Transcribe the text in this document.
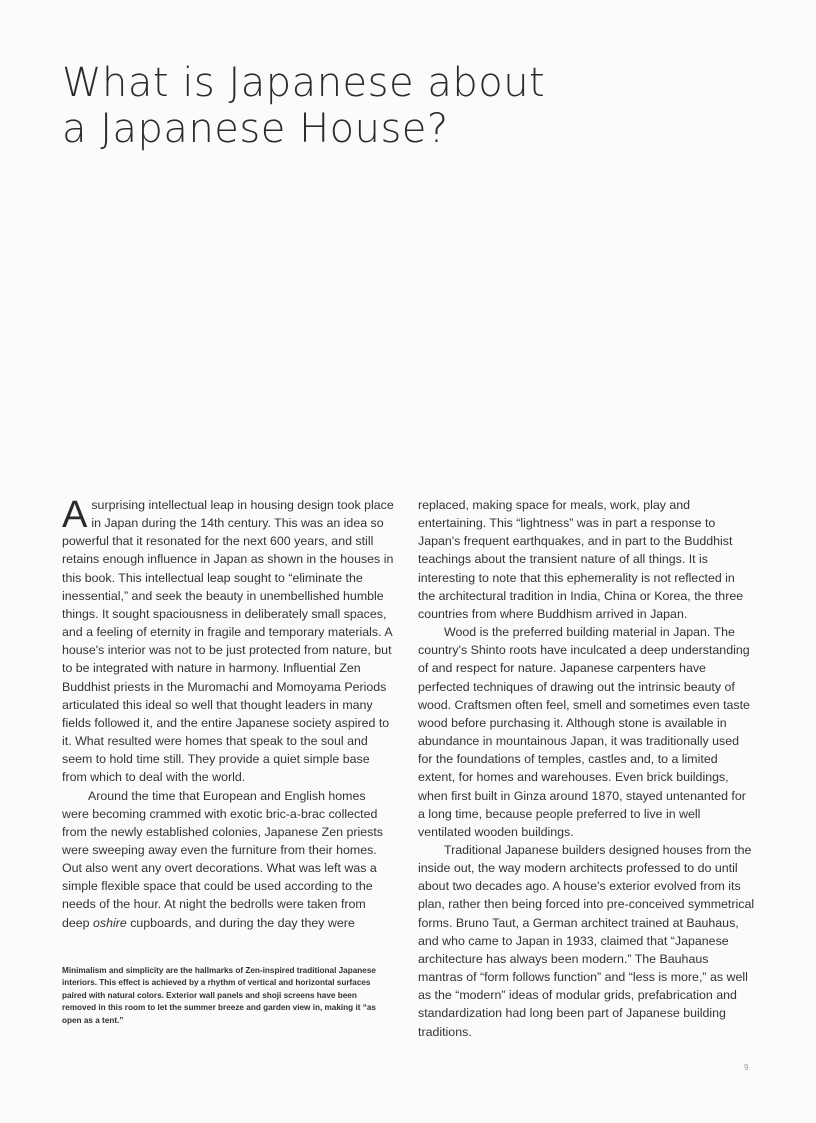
What is Japanese about
a Japanese House?

Asurprising intellectual leap in housing design took place in Japan during the 14th century. This was an idea so powerful that it resonated for the next 600 years, and still retains enough influence in Japan as shown in the houses in this book. This intellectual leap sought to “eliminate the inessential,” and seek the beauty in unembellished humble things. It sought spaciousness in deliberately small spaces, and a feeling of eternity in fragile and temporary materials. A house's interior was not to be just protected from nature, but to be integrated with nature in harmony. Influential Zen Buddhist priests in the Muromachi and Momoyama Periods articulated this ideal so well that thought leaders in many fields followed it, and the entire Japanese society aspired to it. What resulted were homes that speak to the soul and seem to hold time still. They provide a quiet simple base from which to deal with the world.

Around the time that European and English homes were becoming crammed with exotic bric-a-brac collected from the newly established colonies, Japanese Zen priests were sweeping away even the furniture from their homes. Out also went any overt decorations. What was left was a simple flexible space that could be used according to the needs of the hour. At night the bedrolls were taken from deep oshire cupboards, and during the day they were

Minimalism and simplicity are the hallmarks of Zen-inspired traditional Japanese interiors. This effect is achieved by a rhythm of vertical and horizontal surfaces paired with natural colors. Exterior wall panels and shoji screens have been removed in this room to let the summer breeze and garden view in, making it “as open as a tent.”

replaced, making space for meals, work, play and entertaining. This “lightness” was in part a response to Japan's frequent earthquakes, and in part to the Buddhist teachings about the transient nature of all things. It is interesting to note that this ephemerality is not reflected in the architectural tradition in India, China or Korea, the three countries from where Buddhism arrived in Japan.

Wood is the preferred building material in Japan. The country's Shinto roots have inculcated a deep understanding of and respect for nature. Japanese carpenters have perfected techniques of drawing out the intrinsic beauty of wood. Craftsmen often feel, smell and sometimes even taste wood before purchasing it. Although stone is available in abundance in mountainous Japan, it was traditionally used for the foundations of temples, castles and, to a limited extent, for homes and warehouses. Even brick buildings, when first built in Ginza around 1870, stayed untenanted for a long time, because people preferred to live in well ventilated wooden buildings.

Traditional Japanese builders designed houses from the inside out, the way modern architects professed to do until about two decades ago. A house's exterior evolved from its plan, rather then being forced into pre-conceived symmetrical forms. Bruno Taut, a German architect trained at Bauhaus, and who came to Japan in 1933, claimed that “Japanese architecture has always been modern.” The Bauhaus mantras of “form follows function” and “less is more,” as well as the “modern” ideas of modular grids, prefabrication and standardization had long been part of Japanese building traditions.

9
